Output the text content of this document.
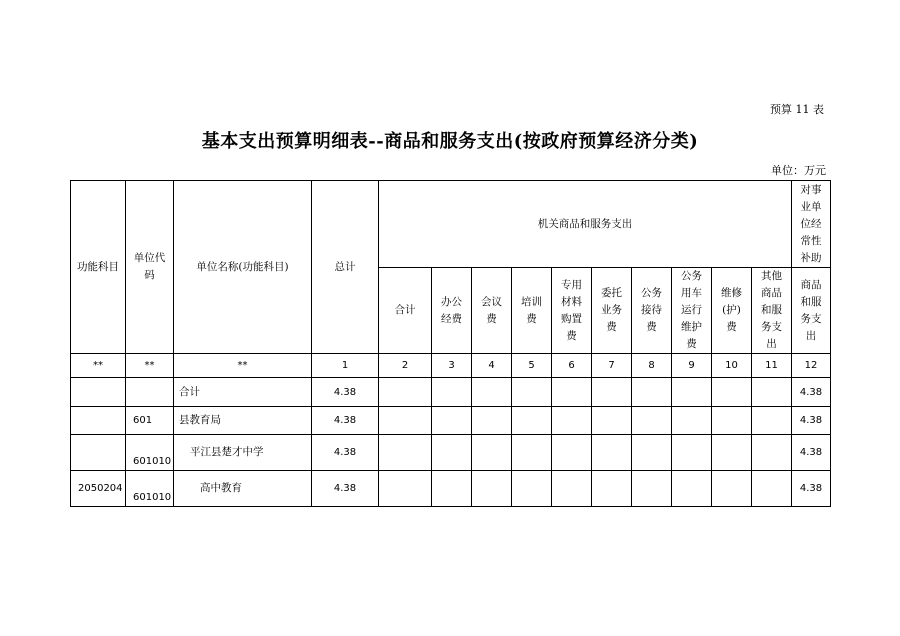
预算 11 表
基本支出预算明细表--商品和服务支出(按政府预算经济分类)
单位：万元
功能科目	单位代码	单位名称(功能科目)	总计	机关商品和服务支出										对事业单位经常性补助
				合计	办公经费	会议费	培训费	专用材料购置费	委托业务费	公务接待费	公务用车运行维护费	维修(护)费	其他商品和服务支出	商品和服务支出
**	**	**	1	2	3	4	5	6	7	8	9	10	11	12
		合计	4.38											4.38
	601	县教育局	4.38											4.38
	601010	平江县楚才中学	4.38											4.38
2050204	601010	高中教育	4.38											4.38
